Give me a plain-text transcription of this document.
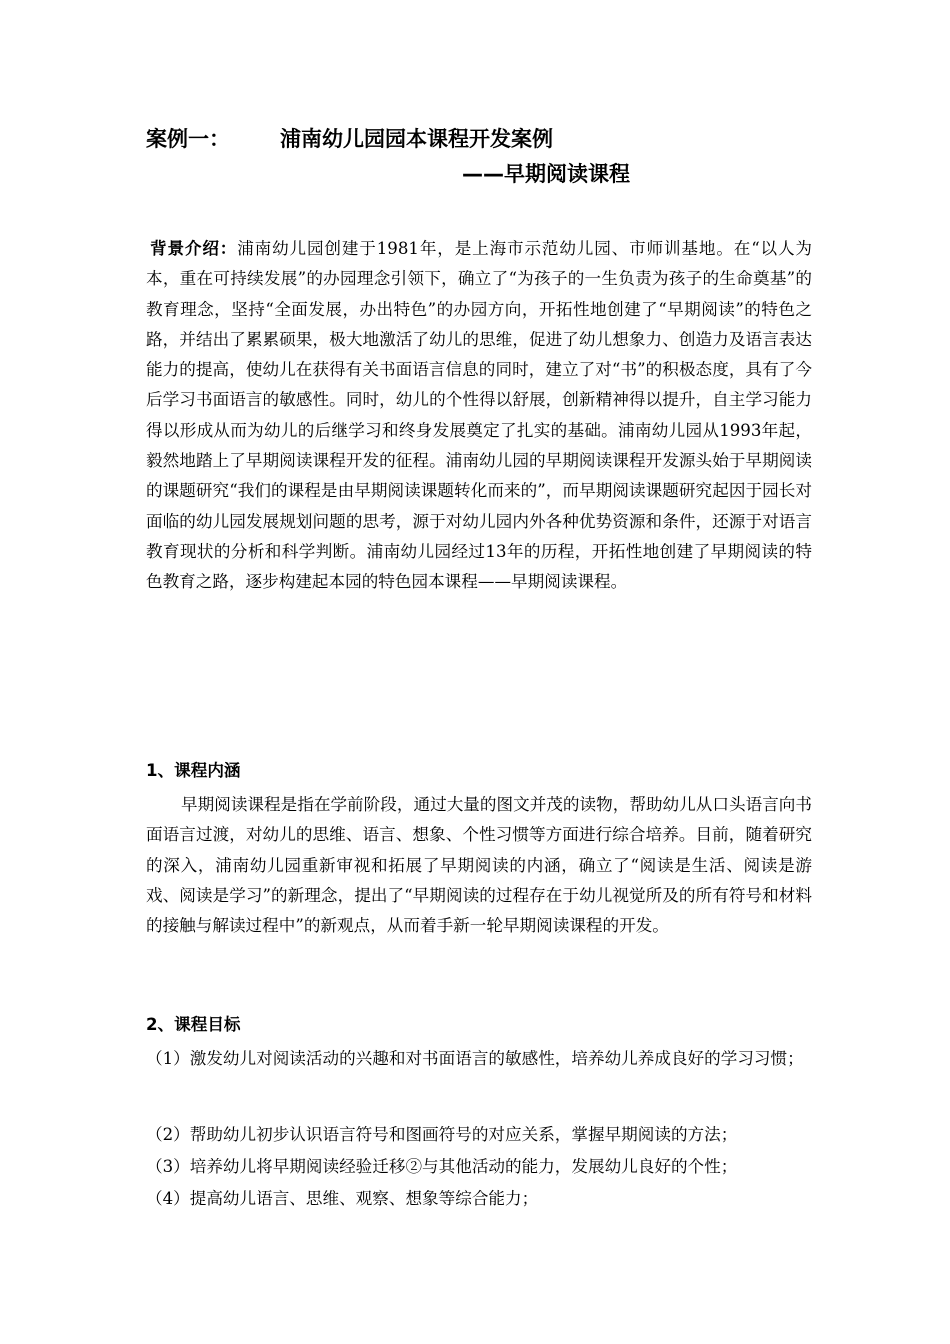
案例一： 浦南幼儿园园本课程开发案例
——早期阅读课程
背景介绍：浦南幼儿园创建于1981年，是上海市示范幼儿园、市师训基地。在“以人为本，重在可持续发展”的办园理念引领下，确立了“为孩子的一生负责为孩子的生命奠基”的教育理念，坚持“全面发展，办出特色”的办园方向，开拓性地创建了“早期阅读”的特色之路，并结出了累累硕果，极大地激活了幼儿的思维，促进了幼儿想象力、创造力及语言表达能力的提高，使幼儿在获得有关书面语言信息的同时，建立了对“书”的积极态度，具有了今后学习书面语言的敏感性。同时，幼儿的个性得以舒展，创新精神得以提升，自主学习能力得以形成从而为幼儿的后继学习和终身发展奠定了扎实的基础。浦南幼儿园从1993年起，毅然地踏上了早期阅读课程开发的征程。浦南幼儿园的早期阅读课程开发源头始于早期阅读的课题研究“我们的课程是由早期阅读课题转化而来的”，而早期阅读课题研究起因于园长对面临的幼儿园发展规划问题的思考，源于对幼儿园内外各种优势资源和条件，还源于对语言教育现状的分析和科学判断。浦南幼儿园经过13年的历程，开拓性地创建了早期阅读的特色教育之路，逐步构建起本园的特色园本课程——早期阅读课程。
1、课程内涵
早期阅读课程是指在学前阶段，通过大量的图文并茂的读物，帮助幼儿从口头语言向书面语言过渡，对幼儿的思维、语言、想象、个性习惯等方面进行综合培养。目前，随着研究的深入，浦南幼儿园重新审视和拓展了早期阅读的内涵，确立了“阅读是生活、阅读是游戏、阅读是学习”的新理念，提出了“早期阅读的过程存在于幼儿视觉所及的所有符号和材料的接触与解读过程中”的新观点，从而着手新一轮早期阅读课程的开发。
2、课程目标
（1）激发幼儿对阅读活动的兴趣和对书面语言的敏感性，培养幼儿养成良好的学习习惯；
（2）帮助幼儿初步认识语言符号和图画符号的对应关系，掌握早期阅读的方法；
（3）培养幼儿将早期阅读经验迁移②与其他活动的能力，发展幼儿良好的个性；
（4）提高幼儿语言、思维、观察、想象等综合能力；
